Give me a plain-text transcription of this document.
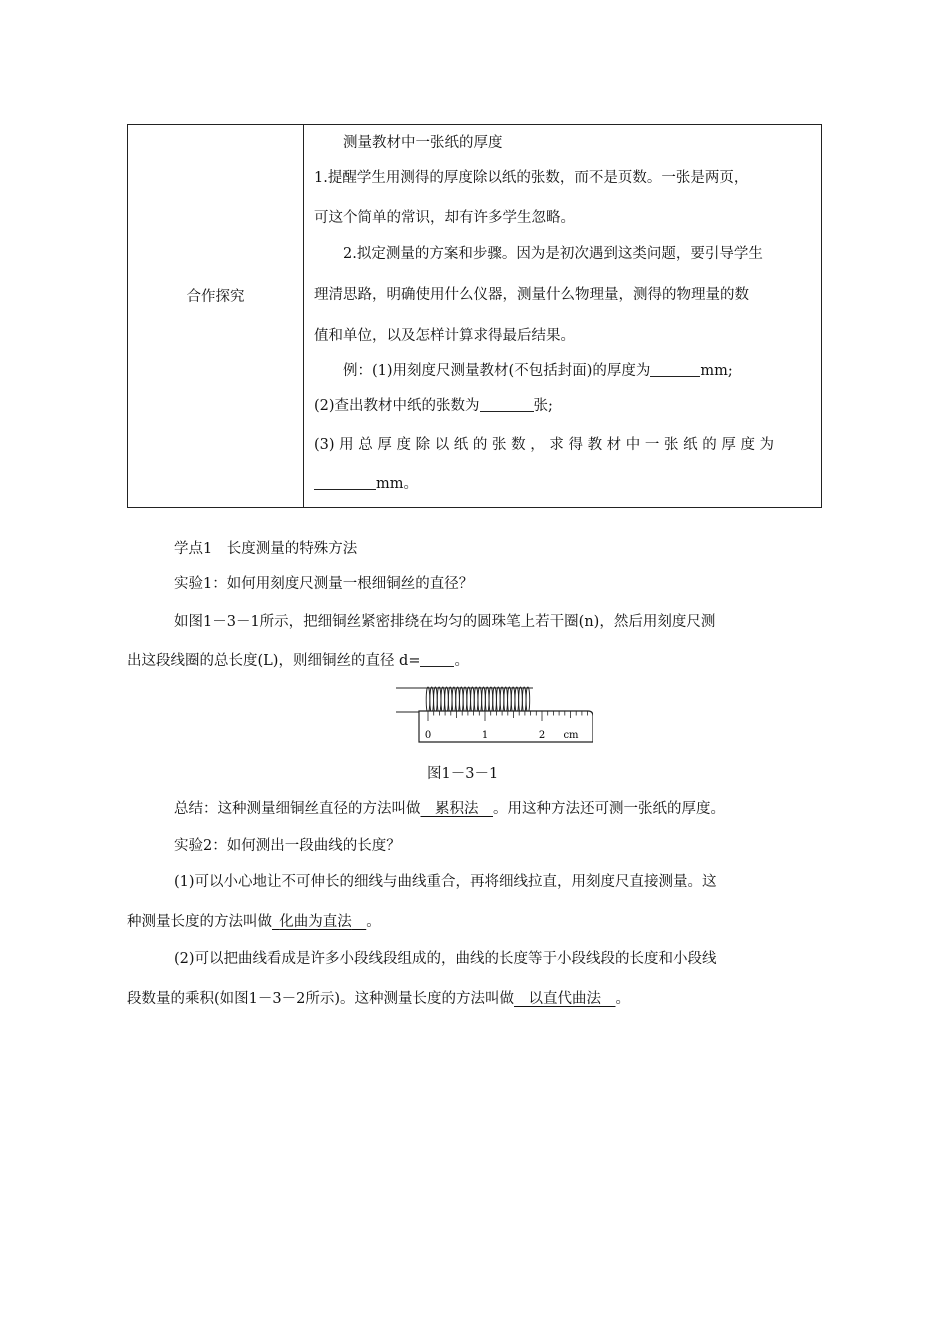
合作探究
测量教材中一张纸的厚度
1.提醒学生用测得的厚度除以纸的张数，而不是页数。一张是两页，
可这个简单的常识，却有许多学生忽略。
2.拟定测量的方案和步骤。因为是初次遇到这类问题，要引导学生
理清思路，明确使用什么仪器，测量什么物理量，测得的物理量的数
值和单位，以及怎样计算求得最后结果。
例：(1)用刻度尺测量教材(不包括封面)的厚度为	mm;
(2)查出教材中纸的张数为	张;
(3) 用 总 厚 度 除 以 纸 的 张 数 ， 求 得 教 材 中 一 张 纸 的 厚 度 为
mm。
学点1　长度测量的特殊方法
实验1：如何用刻度尺测量一根细铜丝的直径？
如图1－3－1所示，把细铜丝紧密排绕在均匀的圆珠笔上若干圈(n)，然后用刻度尺测
出这段线圈的总长度(L)，则细铜丝的直径 d= 。
0	1	2 cm
图1－3－1
总结：这种测量细铜丝直径的方法叫做   累积法   。用这种方法还可测一张纸的厚度。
实验2：如何测出一段曲线的长度？
(1)可以小心地让不可伸长的细线与曲线重合，再将细线拉直，用刻度尺直接测量。这
种测量长度的方法叫做  化曲为直法   。
(2)可以把曲线看成是许多小段线段组成的，曲线的长度等于小段线段的长度和小段线
段数量的乘积(如图1－3－2所示)。这种测量长度的方法叫做   以直代曲法   。
